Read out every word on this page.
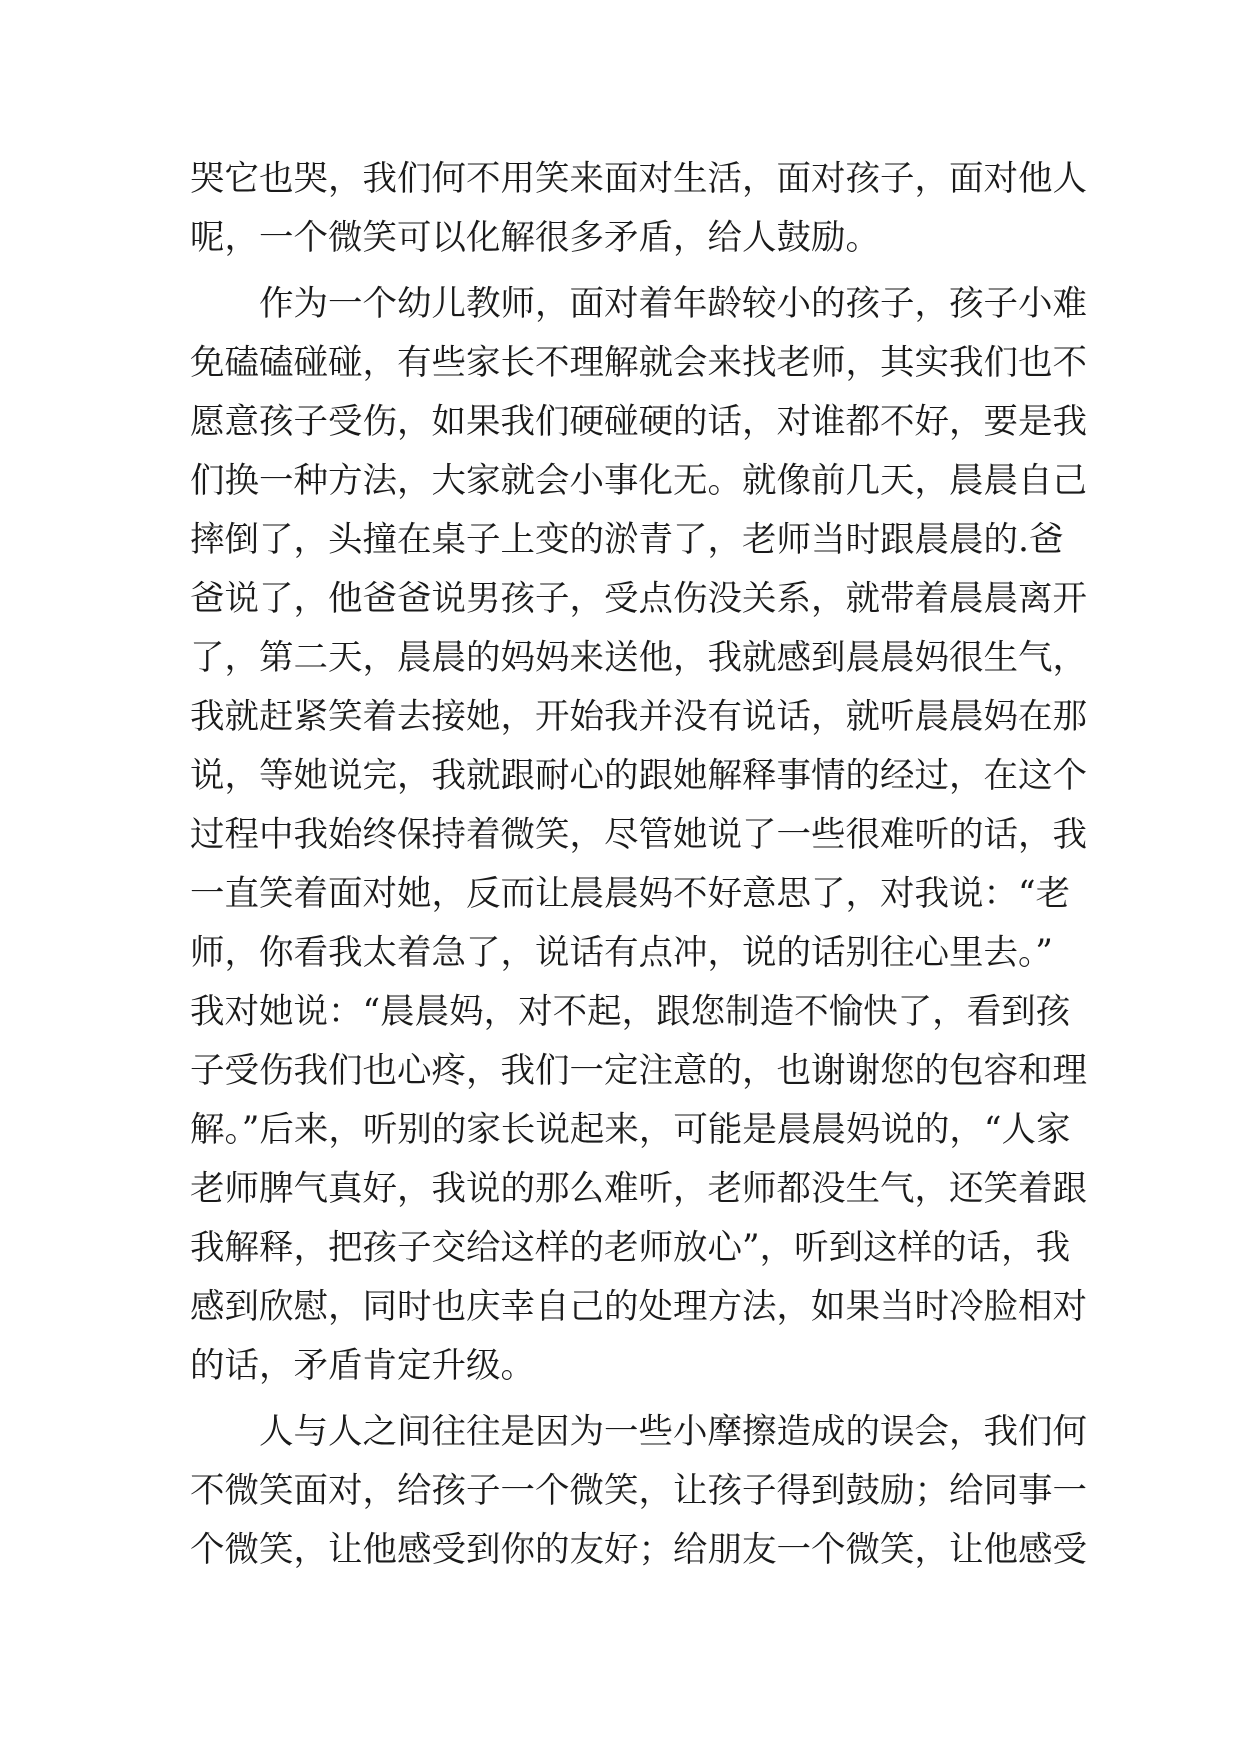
哭它也哭，我们何不用笑来面对生活，面对孩子，面对他人
呢，一个微笑可以化解很多矛盾，给人鼓励。
　　作为一个幼儿教师，面对着年龄较小的孩子，孩子小难
免磕磕碰碰，有些家长不理解就会来找老师，其实我们也不
愿意孩子受伤，如果我们硬碰硬的话，对谁都不好，要是我
们换一种方法，大家就会小事化无。就像前几天，晨晨自己
摔倒了，头撞在桌子上变的淤青了，老师当时跟晨晨的.爸
爸说了，他爸爸说男孩子，受点伤没关系，就带着晨晨离开
了，第二天，晨晨的妈妈来送他，我就感到晨晨妈很生气，
我就赶紧笑着去接她，开始我并没有说话，就听晨晨妈在那
说，等她说完，我就跟耐心的跟她解释事情的经过，在这个
过程中我始终保持着微笑，尽管她说了一些很难听的话，我
一直笑着面对她，反而让晨晨妈不好意思了，对我说：“老
师，你看我太着急了，说话有点冲，说的话别往心里去。”
我对她说：“晨晨妈，对不起，跟您制造不愉快了，看到孩
子受伤我们也心疼，我们一定注意的，也谢谢您的包容和理
解。”后来，听别的家长说起来，可能是晨晨妈说的，“人家
老师脾气真好，我说的那么难听，老师都没生气，还笑着跟
我解释，把孩子交给这样的老师放心”，听到这样的话，我
感到欣慰，同时也庆幸自己的处理方法，如果当时冷脸相对
的话，矛盾肯定升级。
　　人与人之间往往是因为一些小摩擦造成的误会，我们何
不微笑面对，给孩子一个微笑，让孩子得到鼓励；给同事一
个微笑，让他感受到你的友好；给朋友一个微笑，让他感受
